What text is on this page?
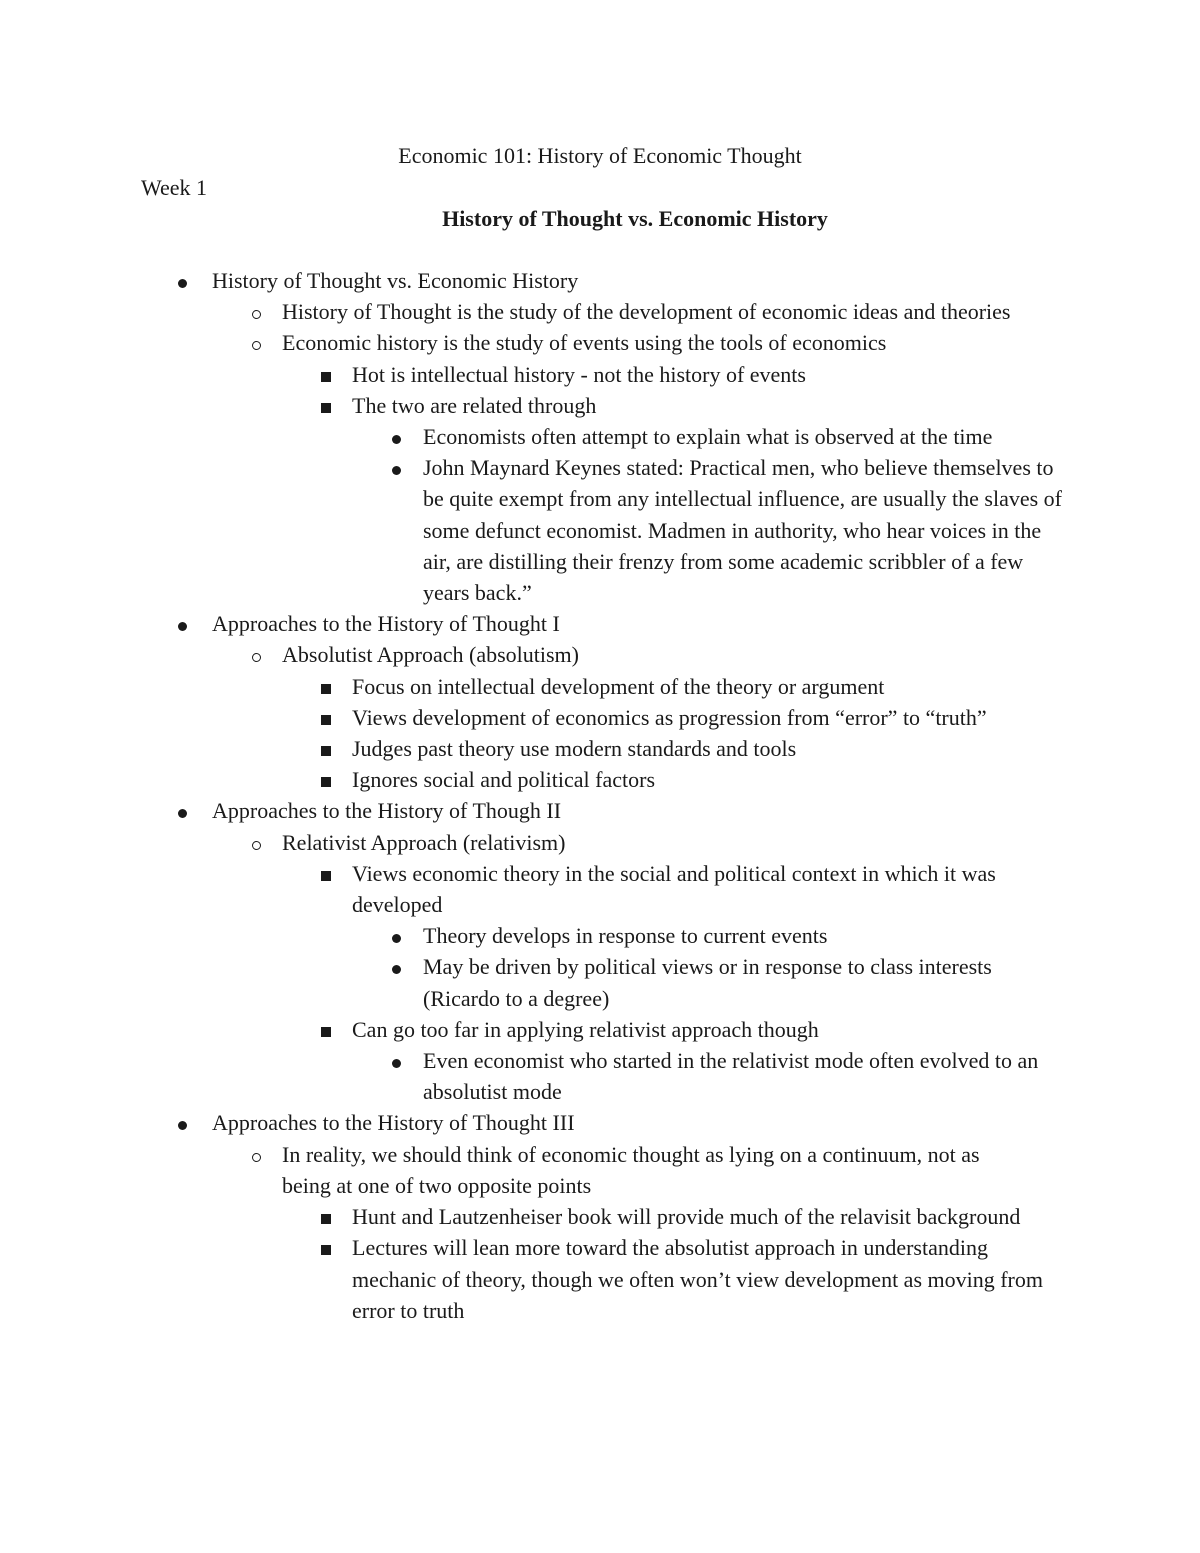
Economic 101: History of Economic Thought
Week 1
History of Thought vs. Economic History
History of Thought vs. Economic History
History of Thought is the study of the development of economic ideas and theories
Economic history is the study of events using the tools of economics
Hot is intellectual history - not the history of events
The two are related through
Economists often attempt to explain what is observed at the time
John Maynard Keynes stated: Practical men, who believe themselves to be quite exempt from any intellectual influence, are usually the slaves of some defunct economist. Madmen in authority, who hear voices in the air, are distilling their frenzy from some academic scribbler of a few years back.”
Approaches to the History of Thought I
Absolutist Approach (absolutism)
Focus on intellectual development of the theory or argument
Views development of economics as progression from “error” to “truth”
Judges past theory use modern standards and tools
Ignores social and political factors
Approaches to the History of Though II
Relativist Approach (relativism)
Views economic theory in the social and political context in which it was developed
Theory develops in response to current events
May be driven by political views or in response to class interests (Ricardo to a degree)
Can go too far in applying relativist approach though
Even economist who started in the relativist mode often evolved to an absolutist mode
Approaches to the History of Thought III
In reality, we should think of economic thought as lying on a continuum, not as being at one of two opposite points
Hunt and Lautzenheiser book will provide much of the relavisit background
Lectures will lean more toward the absolutist approach in understanding mechanic of theory, though we often won’t view development as moving from error to truth
